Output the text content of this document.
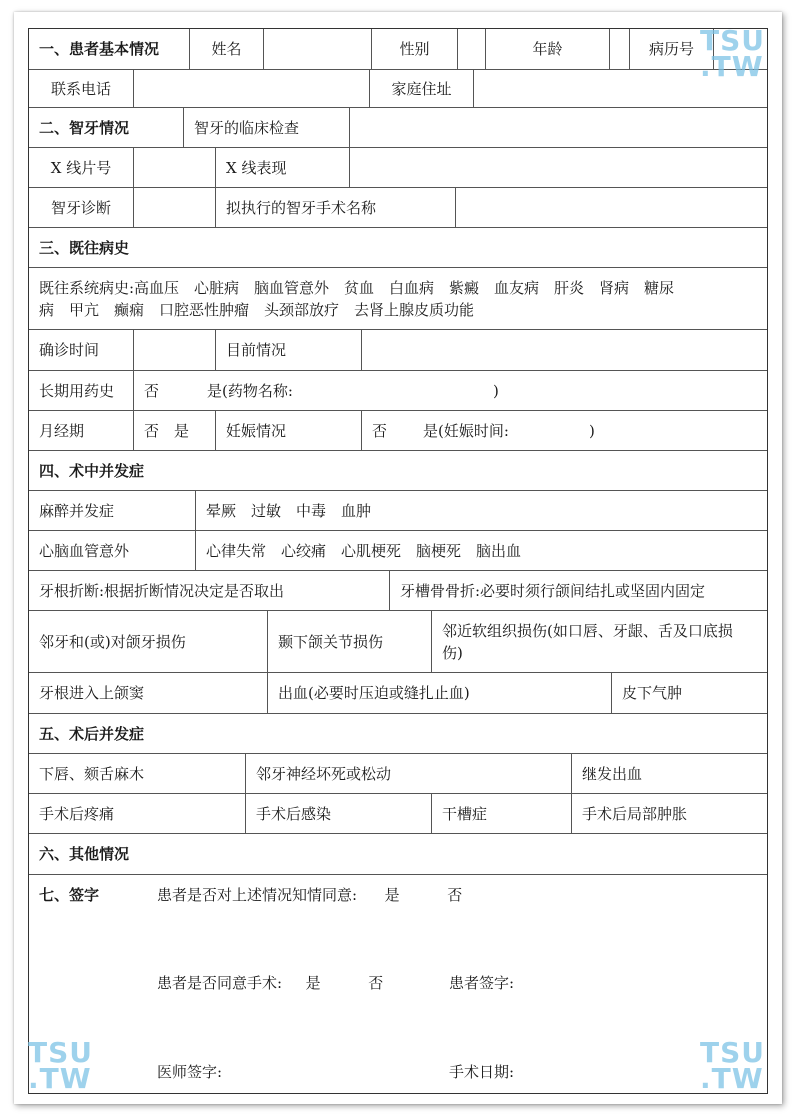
一、患者基本情况	姓名	性别	年龄	病历号
联系电话	家庭住址
二、智牙情况	智牙的临床检查
X 线片号	X 线表现
智牙诊断	拟执行的智牙手术名称
三、既往病史
既往系统病史:高血压　心脏病　脑血管意外　贫血　白血病　紫癜　血友病　肝炎　肾病　糖尿
病　甲亢　癫痫　口腔恶性肿瘤　头颈部放疗　去肾上腺皮质功能
确诊时间	目前情况
长期用药史	否	是(药物名称:	)
月经期	否　是	妊娠情况	否 是(妊娠时间:	)
四、术中并发症
麻醉并发症	晕厥　过敏　中毒　血肿
心脑血管意外	心律失常　心绞痛　心肌梗死　脑梗死　脑出血
牙根折断:根据折断情况决定是否取出	牙槽骨骨折:必要时须行颌间结扎或坚固内固定
邻牙和(或)对颌牙损伤	颞下颌关节损伤
邻近软组织损伤(如口唇、牙龈、舌及口底损
伤)
牙根进入上颌窦	出血(必要时压迫或缝扎止血)	皮下气肿
五、术后并发症
下唇、颏舌麻木	邻牙神经坏死或松动	继发出血
手术后疼痛	手术后感染	干槽症	手术后局部肿胀
六、其他情况
七、签字	患者是否对上述情况知情同意: 是	否
患者是否同意手术: 是	否	患者签字:
医师签字:	手术日期:
TSU
.TW
TSU
.TW
TSU
.TW
